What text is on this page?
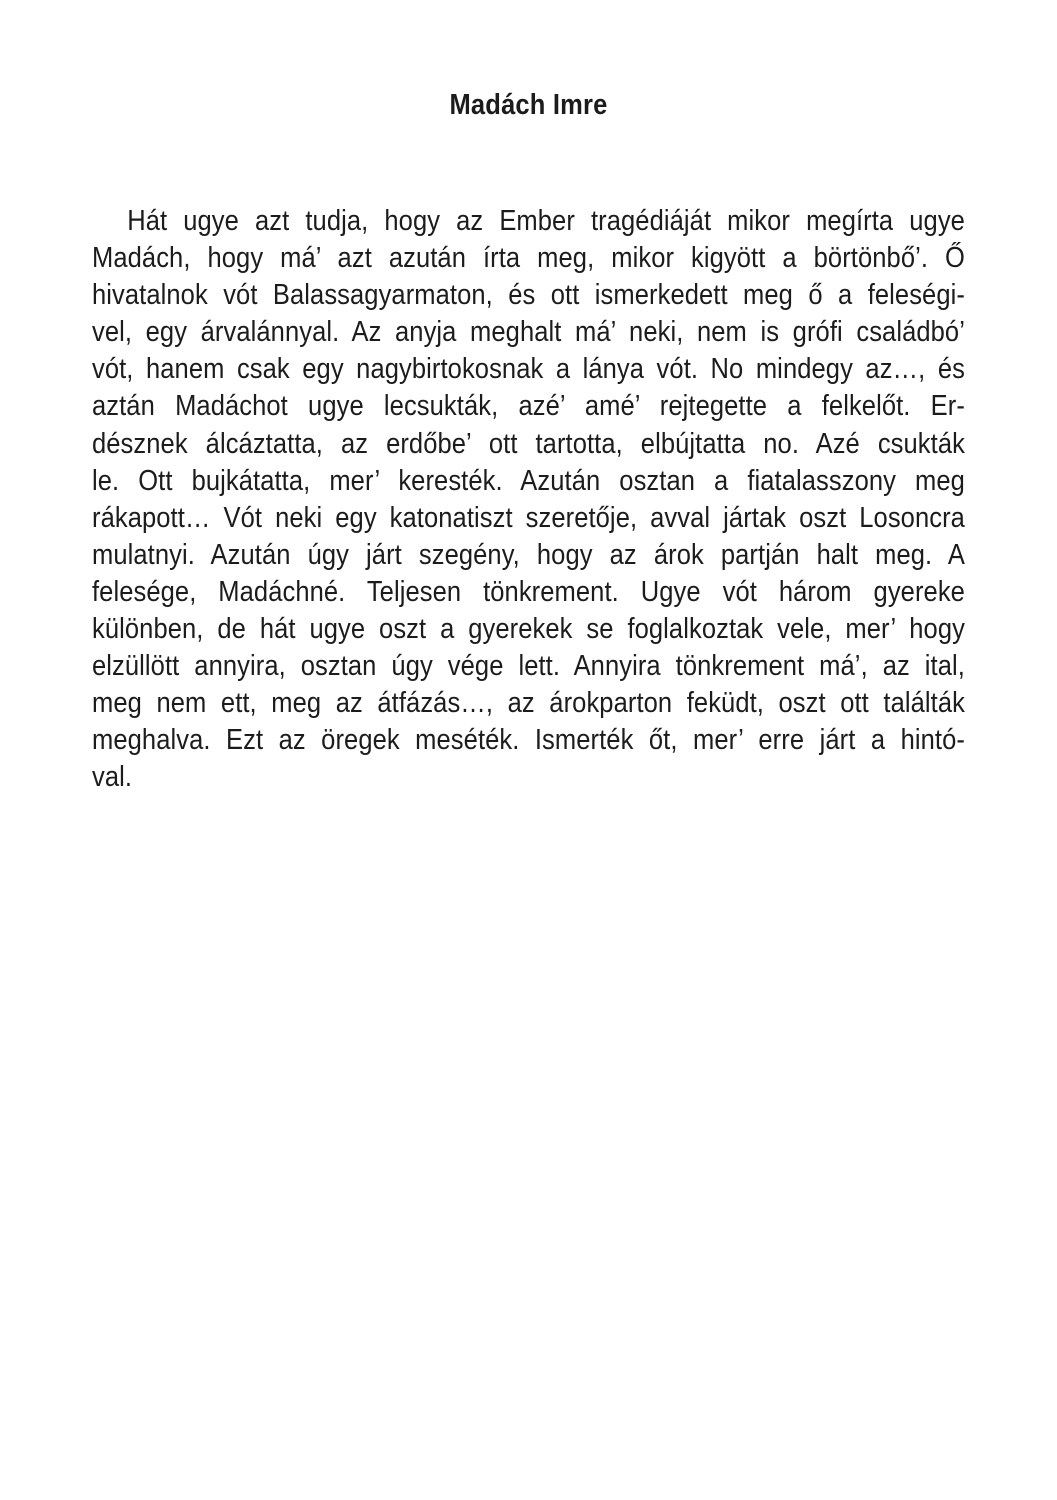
Madách Imre
Hát ugye azt tudja, hogy az Ember tragédiáját mikor megírta ugye
Madách, hogy má’ azt azután írta meg, mikor kigyött a börtönbő’. Ő
hivatalnok vót Balassagyarmaton, és ott ismerkedett meg ő a feleségi-
vel, egy árvalánnyal. Az anyja meghalt má’ neki, nem is grófi családbó’
vót, hanem csak egy nagybirtokosnak a lánya vót. No mindegy az…, és
aztán Madáchot ugye lecsukták, azé’ amé’ rejtegette a felkelőt. Er-
désznek álcáztatta, az erdőbe’ ott tartotta, elbújtatta no. Azé csukták
le. Ott bujkátatta, mer’ keresték. Azután osztan a fiatalasszony meg
rákapott… Vót neki egy katonatiszt szeretője, avval jártak oszt Losoncra
mulatnyi. Azután úgy járt szegény, hogy az árok partján halt meg. A
felesége, Madáchné. Teljesen tönkrement. Ugye vót három gyereke
különben, de hát ugye oszt a gyerekek se foglalkoztak vele, mer’ hogy
elzüllött annyira, osztan úgy vége lett. Annyira tönkrement má’, az ital,
meg nem ett, meg az átfázás…, az árokparton feküdt, oszt ott találták
meghalva. Ezt az öregek meséték. Ismerték őt, mer’ erre járt a hintó-
val.
